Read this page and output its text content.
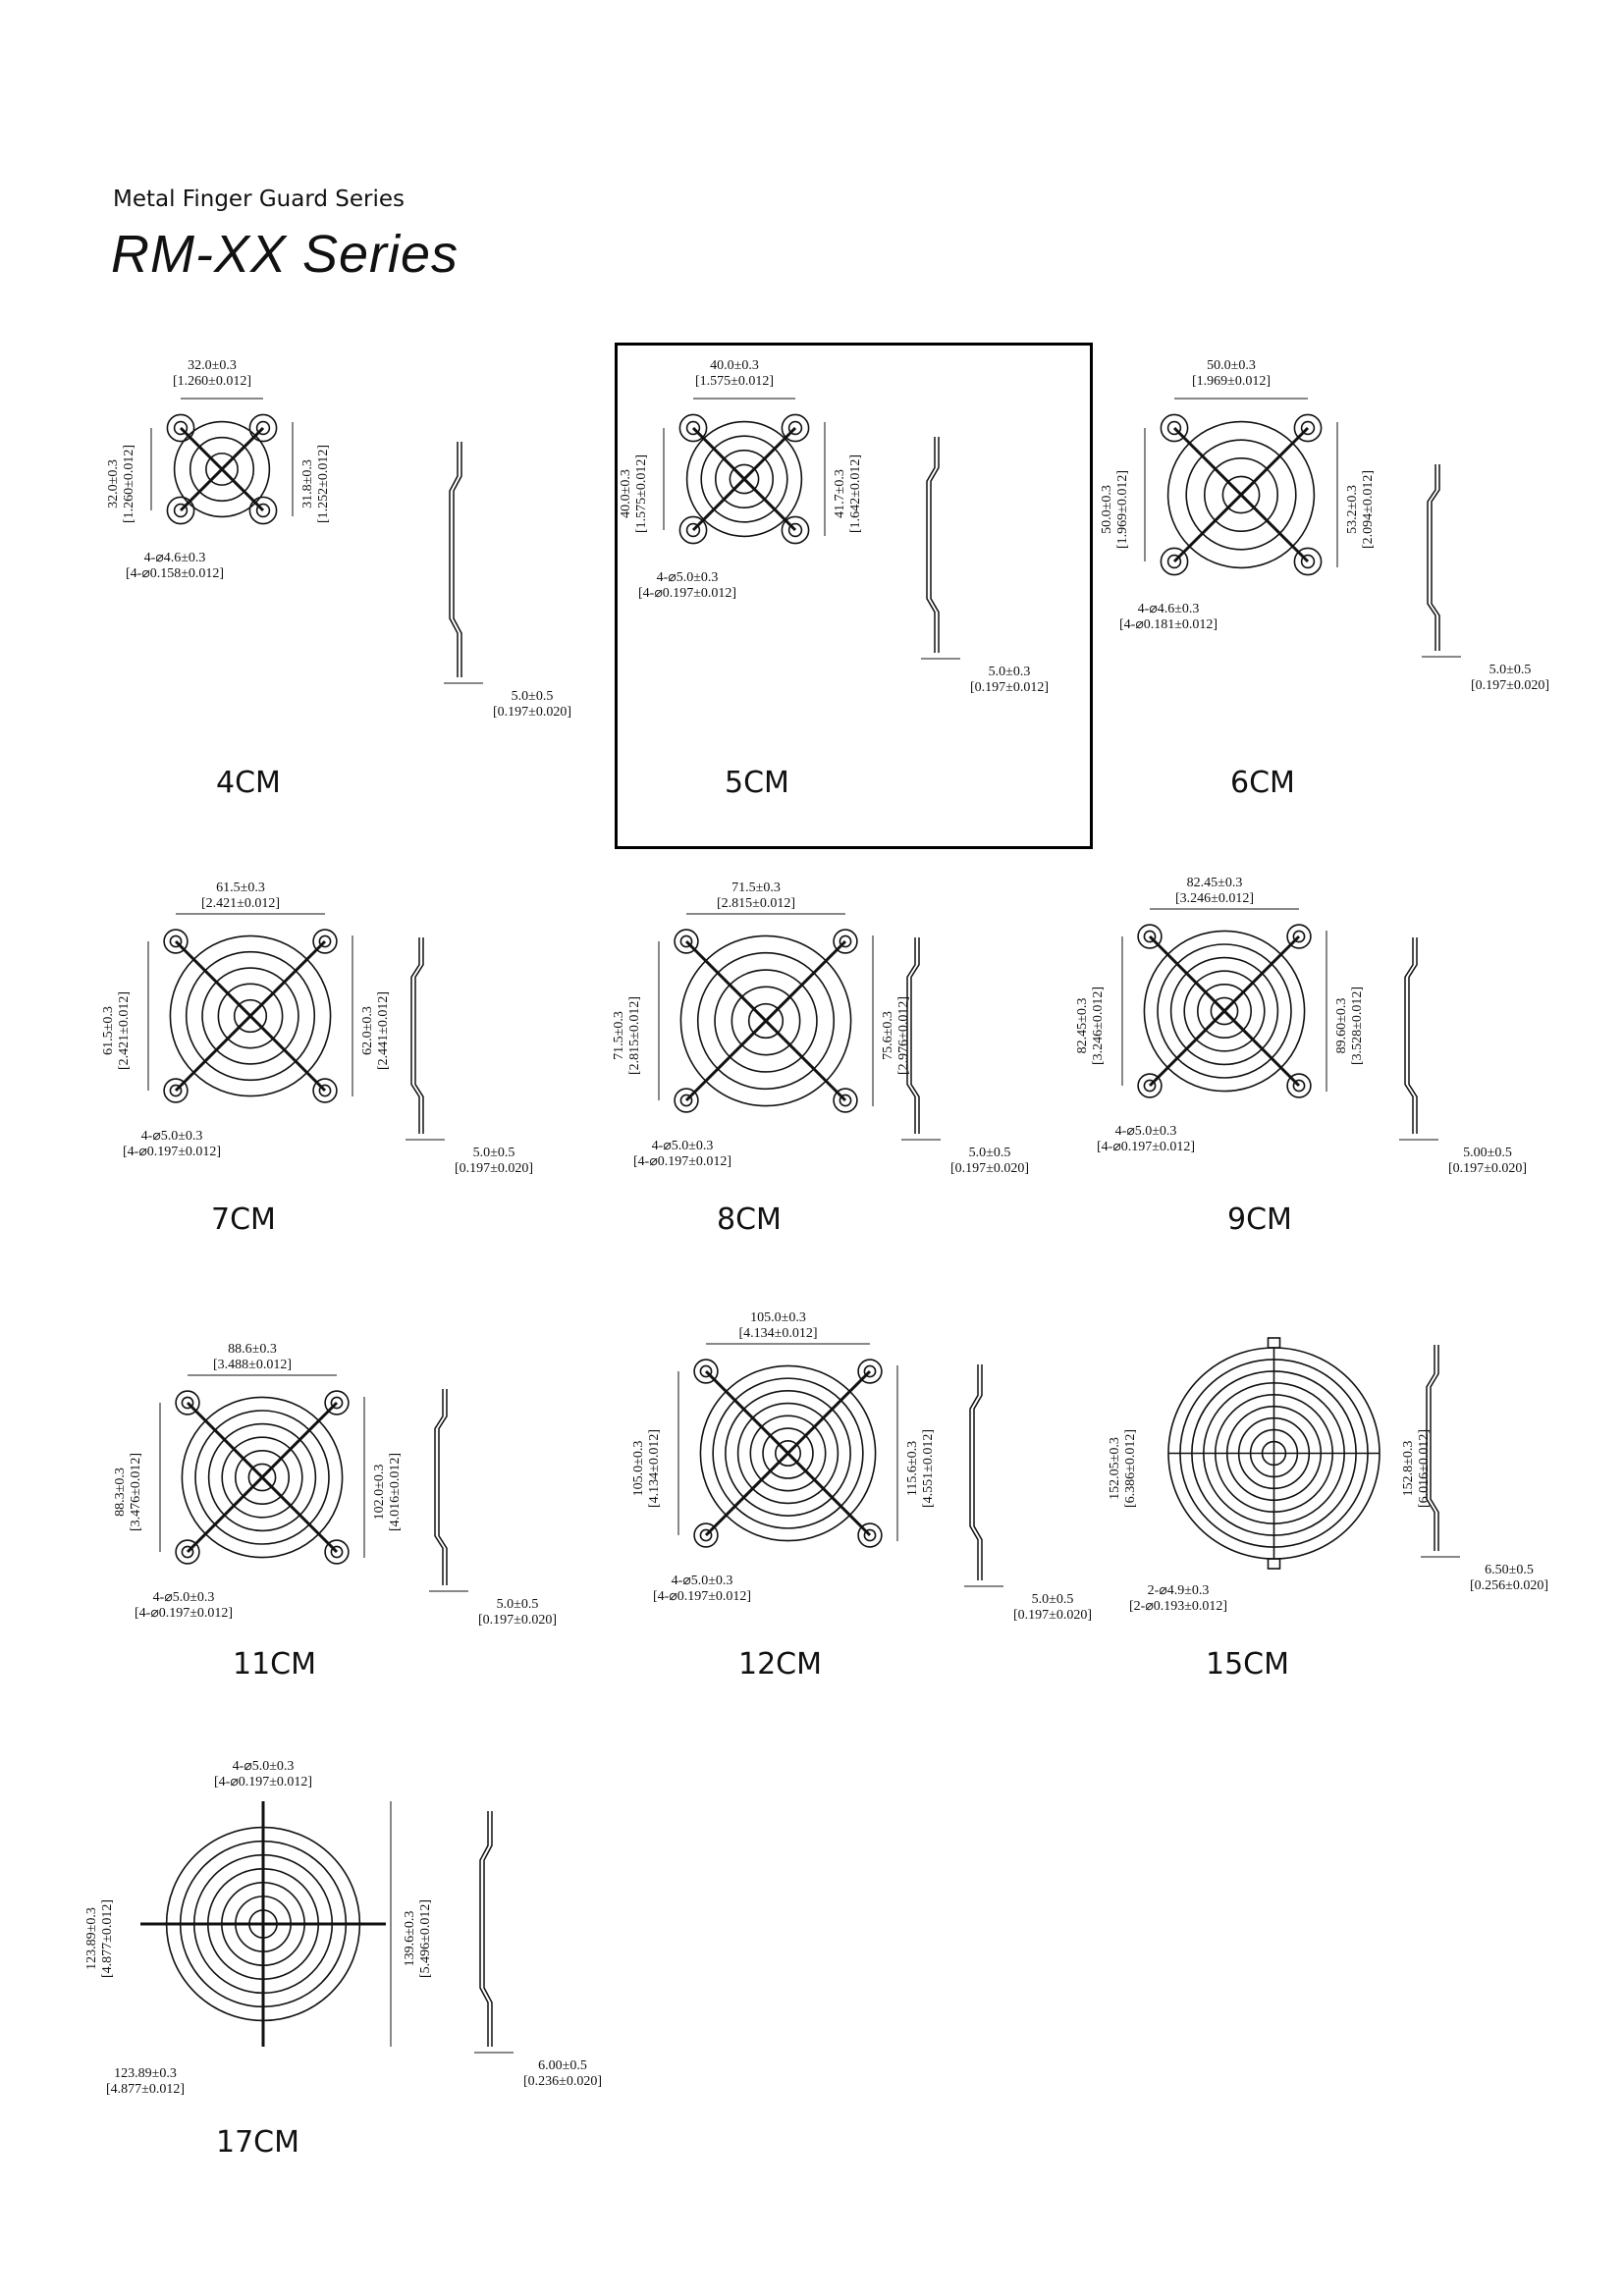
Metal Finger Guard Series
RM-XX Series
32.0±0.3
[1.260±0.012]
32.0±0.3 [1.260±0.012]	31.8±0.3 [1.252±0.012]
4-⌀4.6±0.3
[4-⌀0.158±0.012]
5.0±0.5
[0.197±0.020]
4CM
40.0±0.3
[1.575±0.012]
40.0±0.3 [1.575±0.012]	41.7±0.3 [1.642±0.012]
4-⌀5.0±0.3
[4-⌀0.197±0.012]
5.0±0.3
[0.197±0.012]
5CM
50.0±0.3
[1.969±0.012]
50.0±0.3 [1.969±0.012]	53.2±0.3 [2.094±0.012]
4-⌀4.6±0.3
[4-⌀0.181±0.012]
5.0±0.5
[0.197±0.020]
6CM
61.5±0.3
[2.421±0.012]
61.5±0.3 [2.421±0.012]	62.0±0.3 [2.441±0.012]
4-⌀5.0±0.3
[4-⌀0.197±0.012]	5.0±0.5
[0.197±0.020]
7CM
71.5±0.3
[2.815±0.012]
71.5±0.3 [2.815±0.012]	75.6±0.3 [2.976±0.012]
4-⌀5.0±0.3
[4-⌀0.197±0.012]
5.0±0.5
[0.197±0.020]
8CM
82.45±0.3
[3.246±0.012]
82.45±0.3 [3.246±0.012]	89.60±0.3 [3.528±0.012]
4-⌀5.0±0.3
[4-⌀0.197±0.012]	5.00±0.5
[0.197±0.020]
9CM
88.6±0.3
[3.488±0.012]
88.3±0.3 [3.476±0.012]	102.0±0.3 [4.016±0.012]
4-⌀5.0±0.3
[4-⌀0.197±0.012]
5.0±0.5
[0.197±0.020]
11CM
105.0±0.3
[4.134±0.012]
105.0±0.3 [4.134±0.012]	115.6±0.3 [4.551±0.012]
4-⌀5.0±0.3
[4-⌀0.197±0.012]	5.0±0.5
[0.197±0.020]
12CM
152.05±0.3 [6.386±0.012]	152.8±0.3 [6.016±0.012]
2-⌀4.9±0.3
[2-⌀0.193±0.012]
6.50±0.5
[0.256±0.020]
15CM
4-⌀5.0±0.3
[4-⌀0.197±0.012]
123.89±0.3 [4.877±0.012]	139.6±0.3 [5.496±0.012]
123.89±0.3
[4.877±0.012]
6.00±0.5
[0.236±0.020]
17CM
